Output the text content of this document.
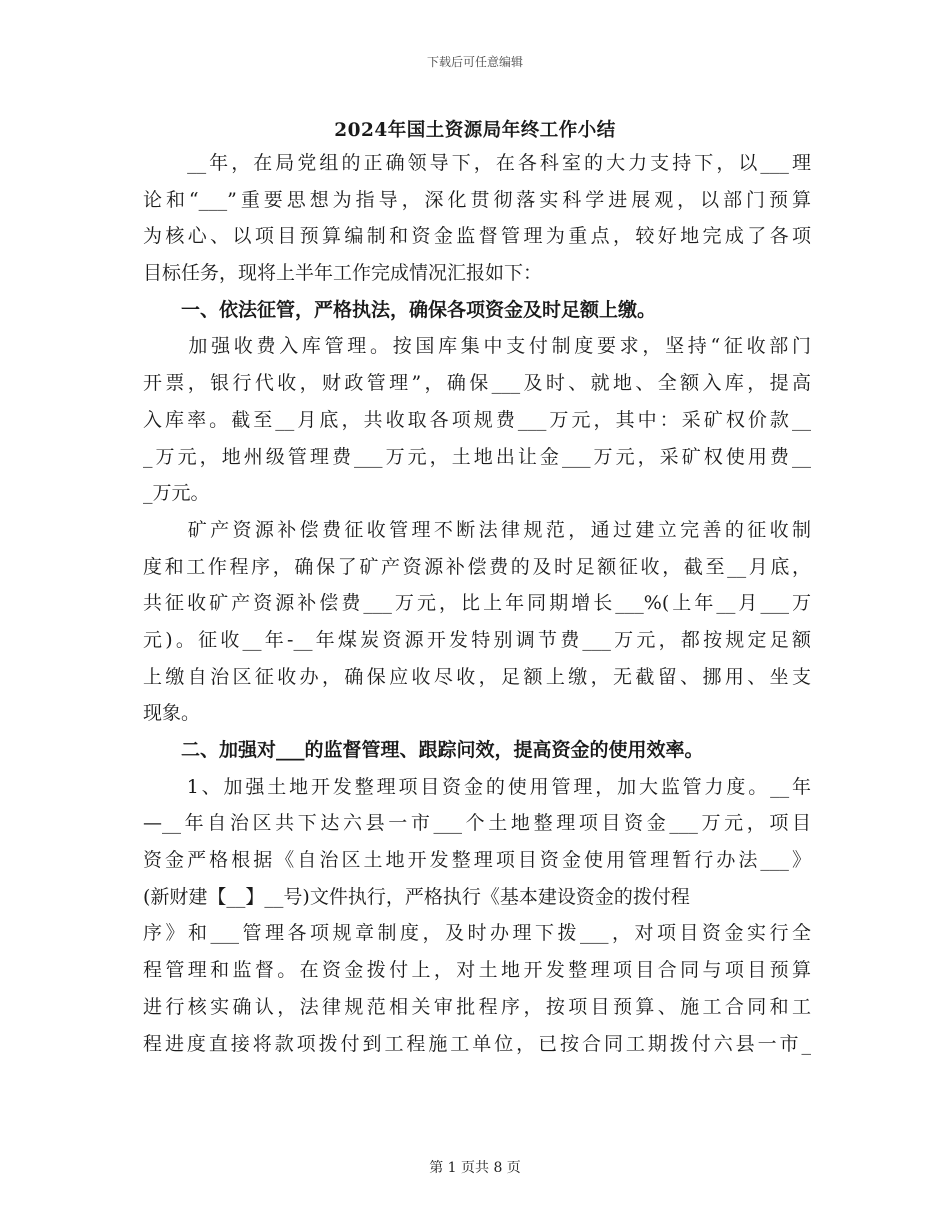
下载后可任意编辑
2024年国土资源局年终工作小结
　　__年，在局党组的正确领导下，在各科室的大力支持下，以___理
论和“___”重要思想为指导，深化贯彻落实科学进展观，以部门预算
为核心、以项目预算编制和资金监督管理为重点，较好地完成了各项
目标任务，现将上半年工作完成情况汇报如下：
　　一、依法征管，严格执法，确保各项资金及时足额上缴。
　　加强收费入库管理。按国库集中支付制度要求，坚持“征收部门
开票，银行代收，财政管理”，确保___及时、就地、全额入库，提高
入库率。截至__月底，共收取各项规费___万元，其中：采矿权价款__
_万元，地州级管理费___万元，土地出让金___万元，采矿权使用费__
_万元。
　　矿产资源补偿费征收管理不断法律规范，通过建立完善的征收制
度和工作程序，确保了矿产资源补偿费的及时足额征收，截至__月底，
共征收矿产资源补偿费___万元，比上年同期增长___%(上年__月___万
元)。征收__年-__年煤炭资源开发特别调节费___万元，都按规定足额
上缴自治区征收办，确保应收尽收，足额上缴，无截留、挪用、坐支
现象。
　　二、加强对___的监督管理、跟踪问效，提高资金的使用效率。
　　1、加强土地开发整理项目资金的使用管理，加大监管力度。__年
—__年自治区共下达六县一市___个土地整理项目资金___万元，项目
资金严格根据《自治区土地开发整理项目资金使用管理暂行办法___》
(新财建【__】__号)文件执行，严格执行《基本建设资金的拨付程
序》和___管理各项规章制度，及时办理下拨___，对项目资金实行全
程管理和监督。在资金拨付上，对土地开发整理项目合同与项目预算
进行核实确认，法律规范相关审批程序，按项目预算、施工合同和工
程进度直接将款项拨付到工程施工单位，已按合同工期拨付六县一市_
第 1 页共 8 页
